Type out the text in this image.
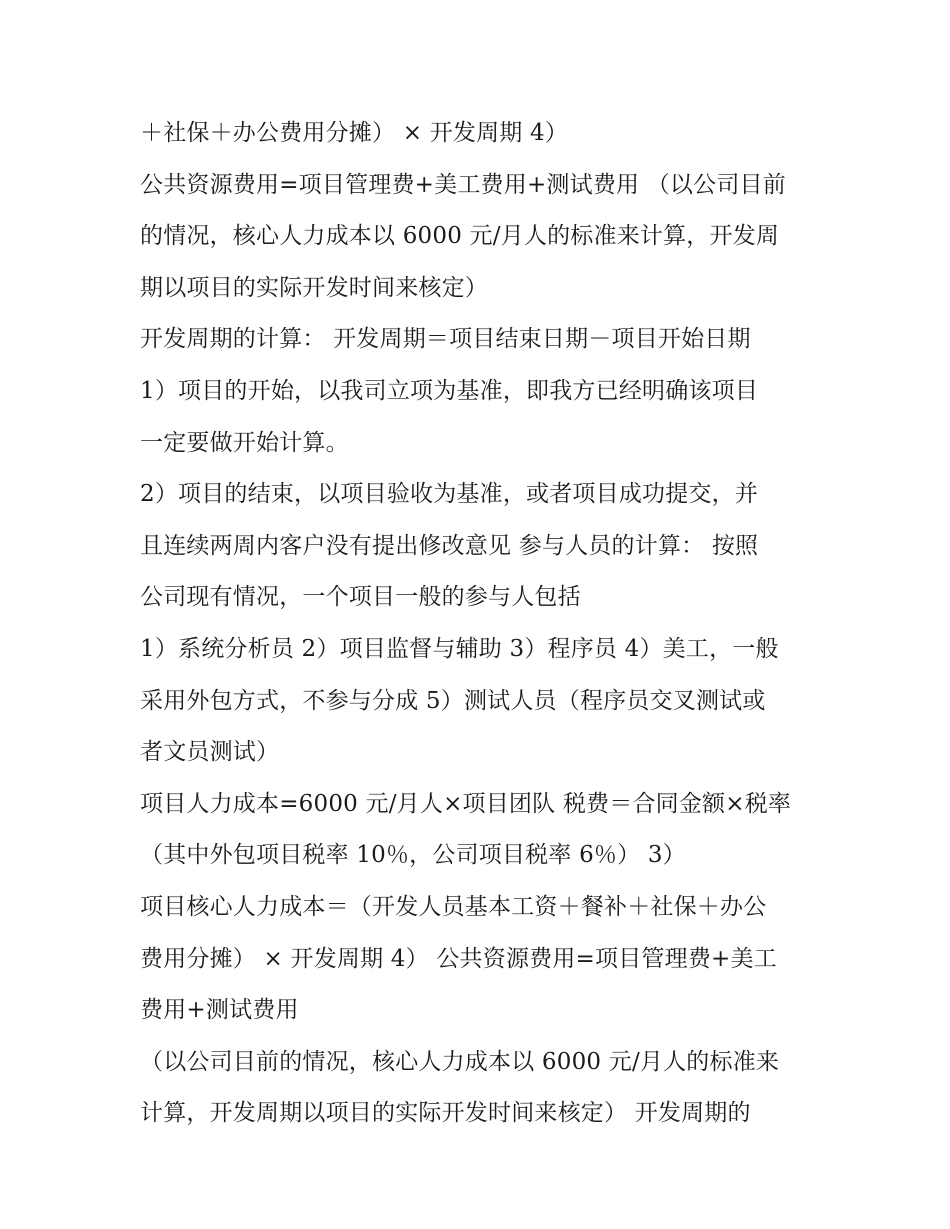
＋社保＋办公费用分摊） × 开发周期 4）
公共资源费用=项目管理费+美工费用+测试费用 （以公司目前
的情况，核心人力成本以 6000 元/月人的标准来计算，开发周
期以项目的实际开发时间来核定）
开发周期的计算： 开发周期＝项目结束日期－项目开始日期
1）项目的开始，以我司立项为基准，即我方已经明确该项目
一定要做开始计算。
2）项目的结束，以项目验收为基准，或者项目成功提交，并
且连续两周内客户没有提出修改意见 参与人员的计算： 按照
公司现有情况，一个项目一般的参与人包括
1）系统分析员 2）项目监督与辅助 3）程序员 4）美工，一般
采用外包方式，不参与分成 5）测试人员（程序员交叉测试或
者文员测试）
项目人力成本=6000 元/月人×项目团队 税费＝合同金额×税率
（其中外包项目税率 10％，公司项目税率 6％） 3）
项目核心人力成本＝（开发人员基本工资＋餐补＋社保＋办公
费用分摊） × 开发周期 4） 公共资源费用=项目管理费+美工
费用+测试费用
（以公司目前的情况，核心人力成本以 6000 元/月人的标准来
计算，开发周期以项目的实际开发时间来核定） 开发周期的
